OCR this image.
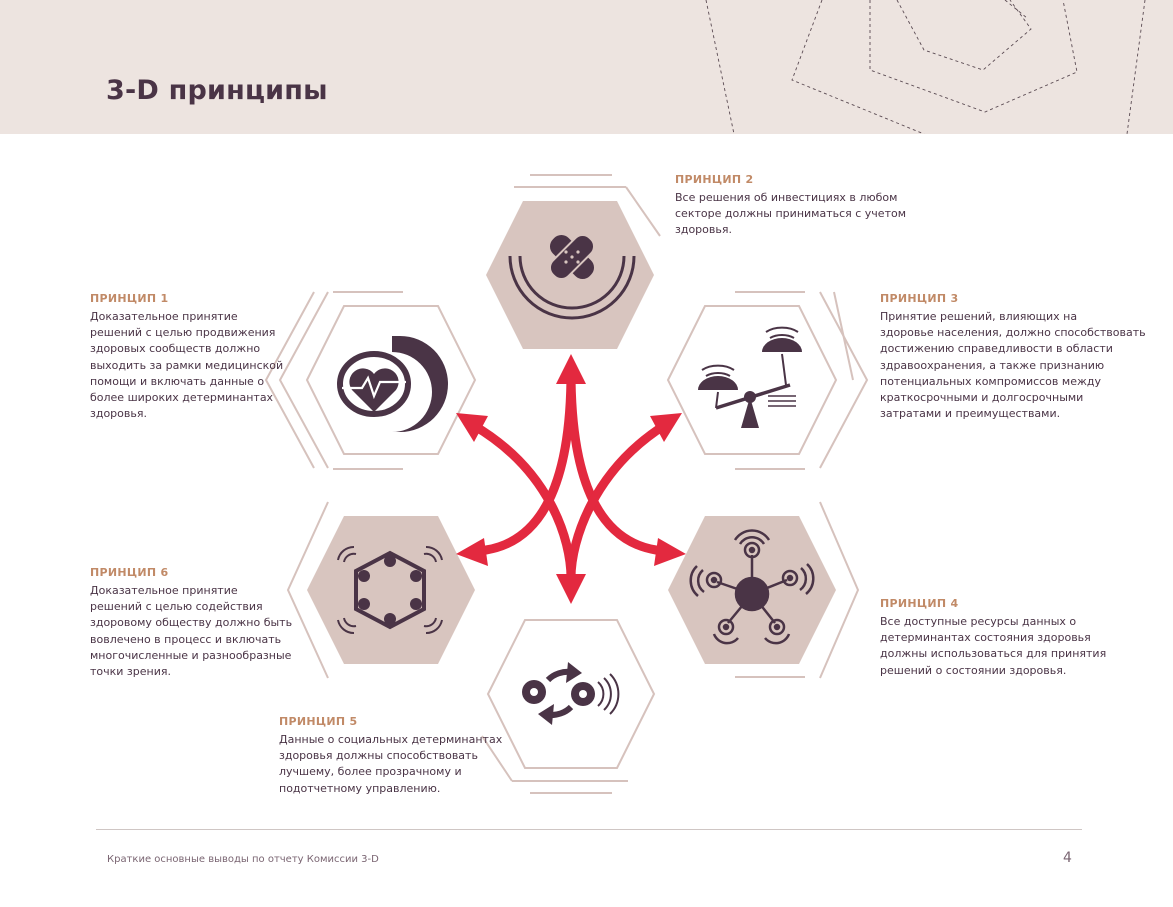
3-D принципы

ПРИНЦИП 1

Доказательное принятие
решений с целью продвижения
здоровых сообществ должно
выходить за рамки медицинской
помощи и включать данные о
более широких детерминантах
здоровья.

ПРИНЦИП 2

Все решения об инвестициях в любом
секторе должны приниматься с учетом
здоровья.

ПРИНЦИП 3

Принятие решений, влияющих на
здоровье населения, должно способствовать
достижению справедливости в области
здравоохранения, а также признанию
потенциальных компромиссов между
краткосрочными и долгосрочными
затратами и преимуществами.

ПРИНЦИП 4

Все доступные ресурсы данных о
детерминантах состояния здоровья
должны использоваться для принятия
решений о состоянии здоровья.

ПРИНЦИП 5

Данные о социальных детерминантах
здоровья должны способствовать
лучшему, более прозрачному и
подотчетному управлению.

ПРИНЦИП 6

Доказательное принятие
решений с целью содействия
здоровому обществу должно быть
вовлечено в процесс и включать
многочисленные и разнообразные
точки зрения.

Краткие основные выводы по отчету Комиссии 3-D	4
